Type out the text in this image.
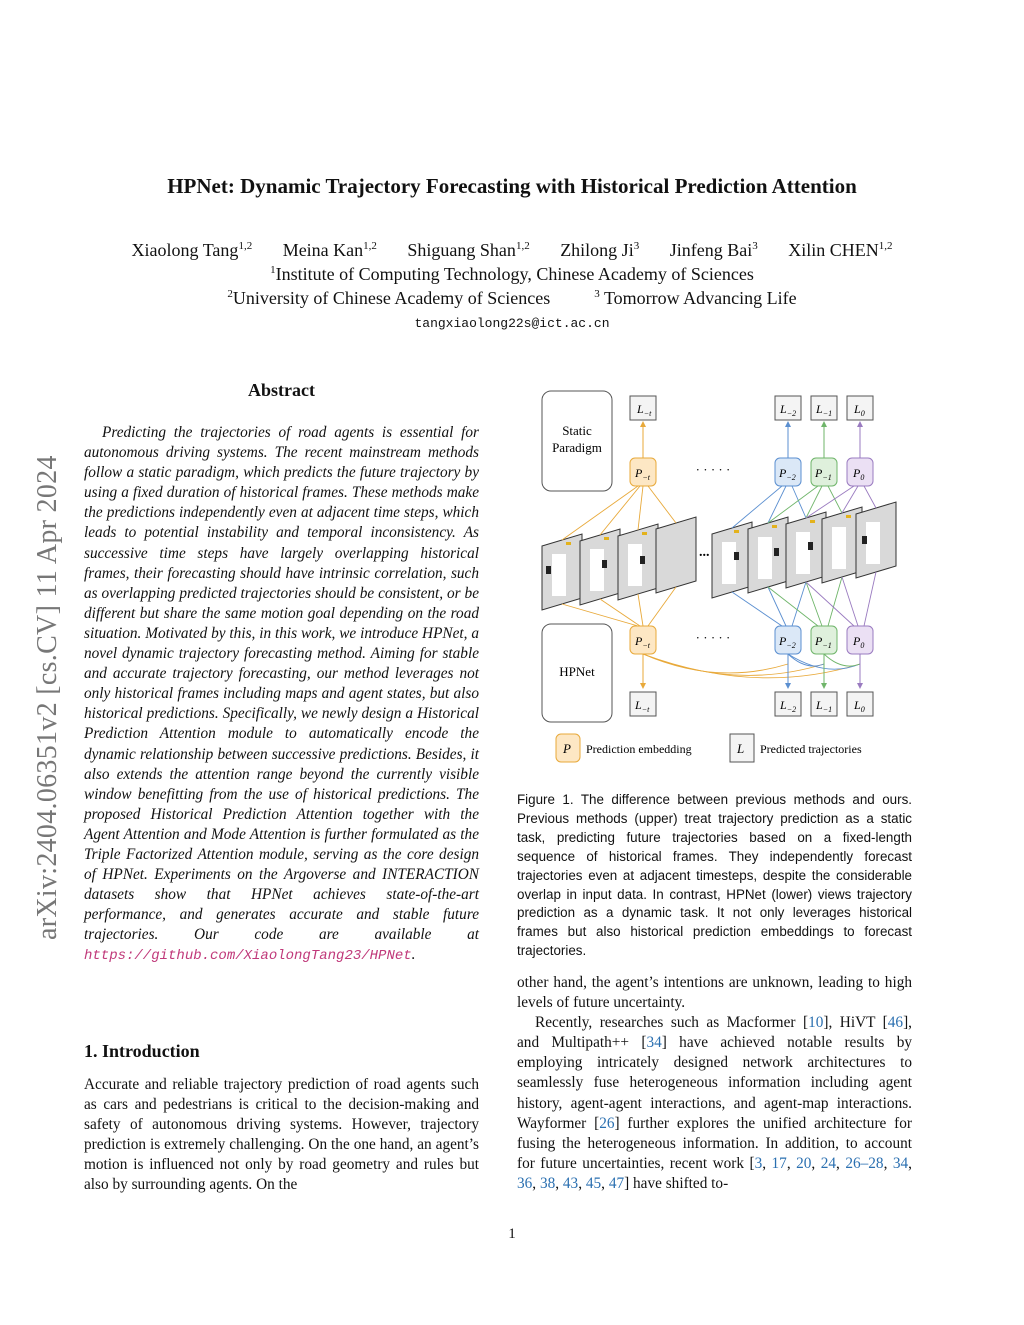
HPNet: Dynamic Trajectory Forecasting with Historical Prediction Attention
Xiaolong Tang$^{1,2}$ Meina Kan$^{1,2}$ Shiguang Shan$^{1,2}$ Zhilong Ji$^3$ Jinfeng Bai$^3$ Xilin CHEN$^{1,2}$
$^1$Institute of Computing Technology, Chinese Academy of Sciences
$^2$University of Chinese Academy of Sciences	$^3$ Tomorrow Advancing Life
tangxiaolong22s@ict.ac.cn
arXiv:2404.06351v2 [cs.CV] 11 Apr 2024
Abstract
Predicting the trajectories of road agents is essential for autonomous driving systems. The recent mainstream methods follow a static paradigm, which predicts the future trajectory by using a fixed duration of historical frames. These methods make the predictions independently even at adjacent time steps, which leads to potential instability and temporal inconsistency. As successive time steps have largely overlapping historical frames, their forecasting should have intrinsic correlation, such as overlapping predicted trajectories should be consistent, or be different but share the same motion goal depending on the road situation. Motivated by this, in this work, we introduce HPNet, a novel dynamic trajectory forecasting method. Aiming for stable and accurate trajectory forecasting, our method leverages not only historical frames including maps and agent states, but also historical predictions. Specifically, we newly design a Historical Prediction Attention module to automatically encode the dynamic relationship between successive predictions. Besides, it also extends the attention range beyond the currently visible window benefitting from the use of historical predictions. The proposed Historical Prediction Attention together with the Agent Attention and Mode Attention is further formulated as the Triple Factorized Attention module, serving as the core design of HPNet. Experiments on the Argoverse and INTERACTION datasets show that HPNet achieves state-of-the-art performance, and generates accurate and stable future trajectories. Our code are available at https://github.com/XiaolongTang23/HPNet.
1. Introduction
Accurate and reliable trajectory prediction of road agents such as cars and pedestrians is critical to the decision-making and safety of autonomous driving systems. However, trajectory prediction is extremely challenging. On the one hand, an agent’s motion is influenced not only by road geometry and rules but also by surrounding agents. On the
Static
Paradigm
HPNet
$L_{-t}$	$L_{-2}$ $L_{-1}$ $L_0$
$P_{-t}$	$P_{-2}$ $P_{-1}$ $P_0$
· · · · ·
...
$P_{-t}$	$P_{-2}$ $P_{-1}$ $P_0$
· · · · ·
$L_{-t}$	$L_{-2}$ $L_{-1}$ $L_0$
P Prediction embedding	L Predicted trajectories
Figure 1. The difference between previous methods and ours. Previous methods (upper) treat trajectory prediction as a static task, predicting future trajectories based on a fixed-length sequence of historical frames. They independently forecast trajectories even at adjacent timesteps, despite the considerable overlap in input data. In contrast, HPNet (lower) views trajectory prediction as a dynamic task. It not only leverages historical frames but also historical prediction embeddings to forecast trajectories.

other hand, the agent’s intentions are unknown, leading to high levels of future uncertainty.

Recently, researches such as Macformer [10], HiVT [46], and Multipath++ [34] have achieved notable results by employing intricately designed network architectures to seamlessly fuse heterogeneous information including agent history, agent-agent interactions, and agent-map interactions. Wayformer [26] further explores the unified architecture for fusing the heterogeneous information. In addition, to account for future uncertainties, recent work [3, 17, 20, 24, 26–28, 34, 36, 38, 43, 45, 47] have shifted to-

1
